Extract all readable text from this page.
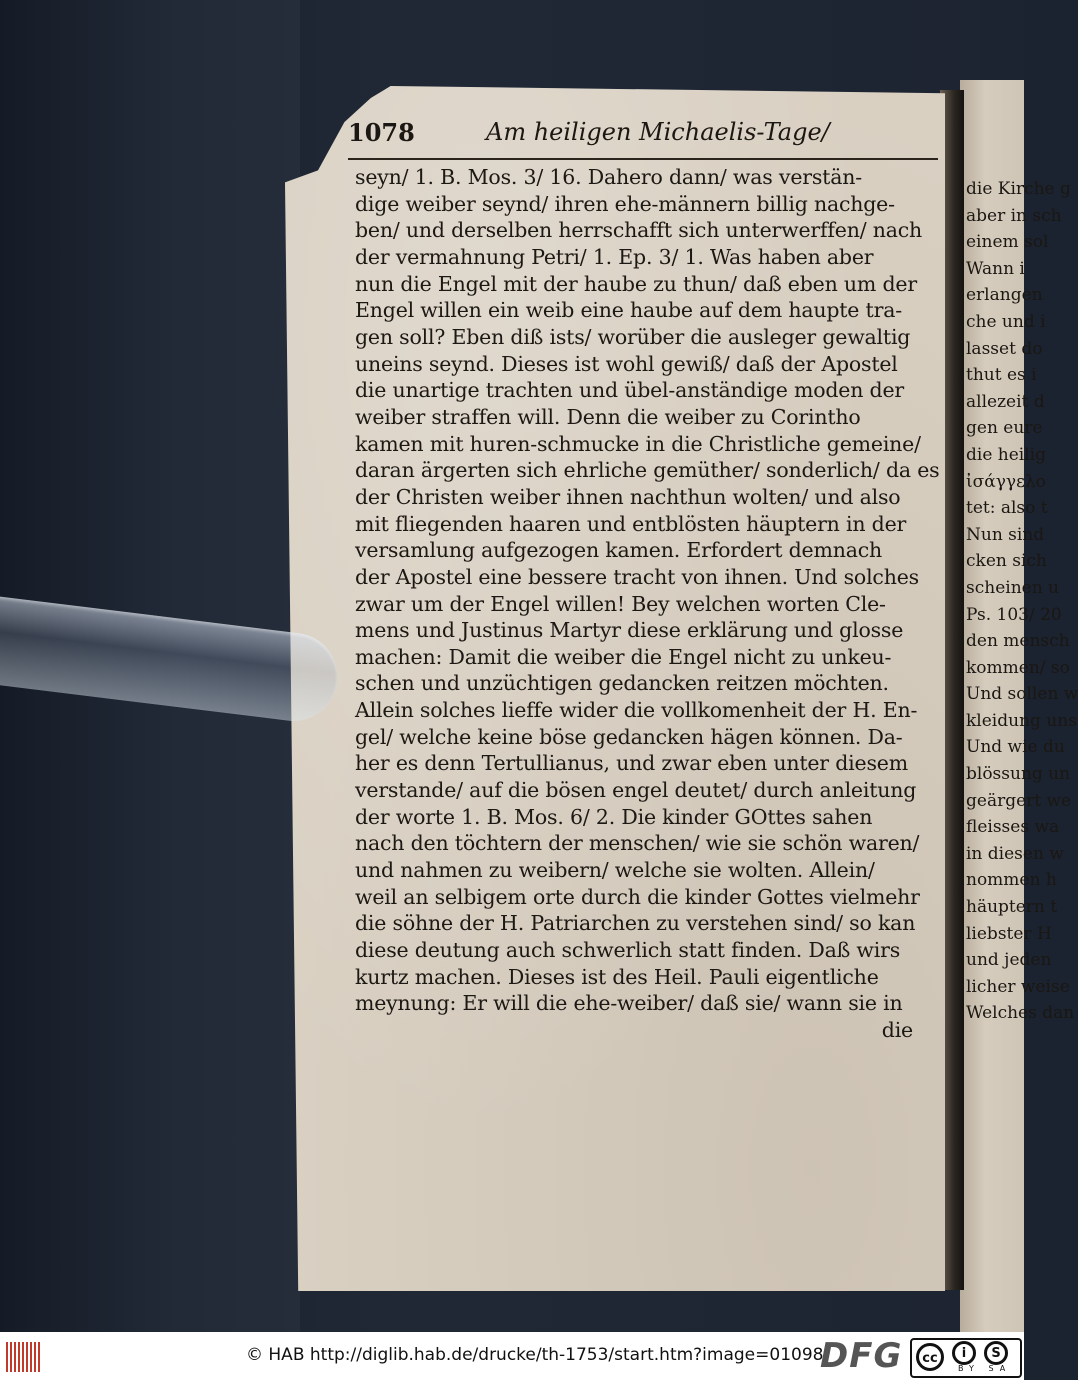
die Kirche g
aber in sch
einem sol
Wann i
erlangen
che und i
lasset do
thut es i
allezeit d
gen eure
die heilig
ἰσάγγελο
tet: also t
Nun sind
cken sich
scheinen u
Ps. 103/ 20
den mensch
kommen/ so
Und sollen w
kleidung uns
Und wie du
blössung un
geärgert we
fleisses wa
in diesen w
nommen h
häuptern t
liebster H
und jeden
licher weise
Welches dan
1078	Am heiligen Michaelis-Tage/
seyn/ 1. B. Mos. 3/ 16. Dahero dann/ was verstän-
dige weiber seynd/ ihren ehe-männern billig nachge-
ben/ und derselben herrschafft sich unterwerffen/ nach
der vermahnung Petri/ 1. Ep. 3/ 1. Was haben aber
nun die Engel mit der haube zu thun/ daß eben um der
Engel willen ein weib eine haube auf dem haupte tra-
gen soll? Eben diß ists/ worüber die ausleger gewaltig
uneins seynd. Dieses ist wohl gewiß/ daß der Apostel
die unartige trachten und übel-anständige moden der
weiber straffen will. Denn die weiber zu Corintho
kamen mit huren-schmucke in die Christliche gemeine/
daran ärgerten sich ehrliche gemüther/ sonderlich/ da es
der Christen weiber ihnen nachthun wolten/ und also
mit fliegenden haaren und entblösten häuptern in der
versamlung aufgezogen kamen. Erfordert demnach
der Apostel eine bessere tracht von ihnen. Und solches
zwar um der Engel willen! Bey welchen worten Cle-
mens und Justinus Martyr diese erklärung und glosse
machen: Damit die weiber die Engel nicht zu unkeu-
schen und unzüchtigen gedancken reitzen möchten.
Allein solches lieffe wider die vollkomenheit der H. En-
gel/ welche keine böse gedancken hägen können. Da-
her es denn Tertullianus, und zwar eben unter diesem
verstande/ auf die bösen engel deutet/ durch anleitung
der worte 1. B. Mos. 6/ 2. Die kinder GOttes sahen
nach den töchtern der menschen/ wie sie schön waren/
und nahmen zu weibern/ welche sie wolten. Allein/
weil an selbigem orte durch die kinder Gottes vielmehr
die söhne der H. Patriarchen zu verstehen sind/ so kan
diese deutung auch schwerlich statt finden. Daß wirs
kurtz machen. Dieses ist des Heil. Pauli eigentliche
meynung: Er will die ehe-weiber/ daß sie/ wann sie in
die
© HAB http://diglib.hab.de/drucke/th-1753/start.htm?image=01098
DFG	cc	i	S
BY SA
